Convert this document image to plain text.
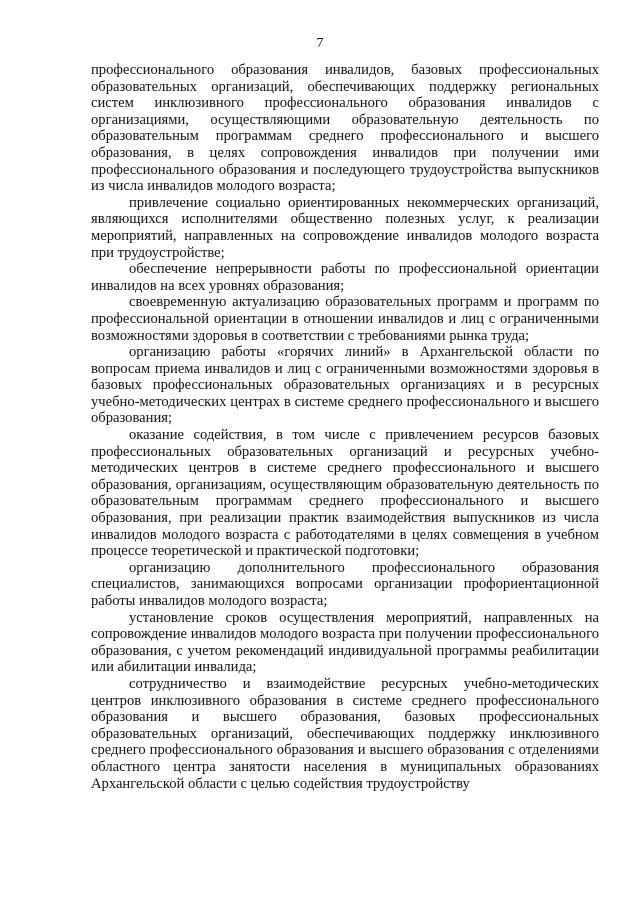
7

профессионального образования инвалидов, базовых профессиональных образовательных организаций, обеспечивающих поддержку региональных систем инклюзивного профессионального образования инвалидов с организациями, осуществляющими образовательную деятельность по образовательным программам среднего профессионального и высшего образования, в целях сопровождения инвалидов при получении ими профессионального образования и последующего трудоустройства выпускников из числа инвалидов молодого возраста;

привлечение социально ориентированных некоммерческих организаций, являющихся исполнителями общественно полезных услуг, к реализации мероприятий, направленных на сопровождение инвалидов молодого возраста при трудоустройстве;

обеспечение непрерывности работы по профессиональной ориентации инвалидов на всех уровнях образования;

своевременную актуализацию образовательных программ и программ по профессиональной ориентации в отношении инвалидов и лиц с ограниченными возможностями здоровья в соответствии с требованиями рынка труда;

организацию работы «горячих линий» в Архангельской области по вопросам приема инвалидов и лиц с ограниченными возможностями здоровья в базовых профессиональных образовательных организациях и в ресурсных учебно-методических центрах в системе среднего профессионального и высшего образования;

оказание содействия, в том числе с привлечением ресурсов базовых профессиональных образовательных организаций и ресурсных учебно-методических центров в системе среднего профессионального и высшего образования, организациям, осуществляющим образовательную деятельность по образовательным программам среднего профессионального и высшего образования, при реализации практик взаимодействия выпускников из числа инвалидов молодого возраста с работодателями в целях совмещения в учебном процессе теоретической и практической подготовки;

организацию дополнительного профессионального образования специалистов, занимающихся вопросами организации профориентационной работы инвалидов молодого возраста;

установление сроков осуществления мероприятий, направленных на сопровождение инвалидов молодого возраста при получении профессионального образования, с учетом рекомендаций индивидуальной программы реабилитации или абилитации инвалида;

сотрудничество и взаимодействие ресурсных учебно-методических центров инклюзивного образования в системе среднего профессионального образования и высшего образования, базовых профессиональных образовательных организаций, обеспечивающих поддержку инклюзивного среднего профессионального образования и высшего образования с отделениями областного центра занятости населения в муниципальных образованиях Архангельской области с целью содействия трудоустройству
